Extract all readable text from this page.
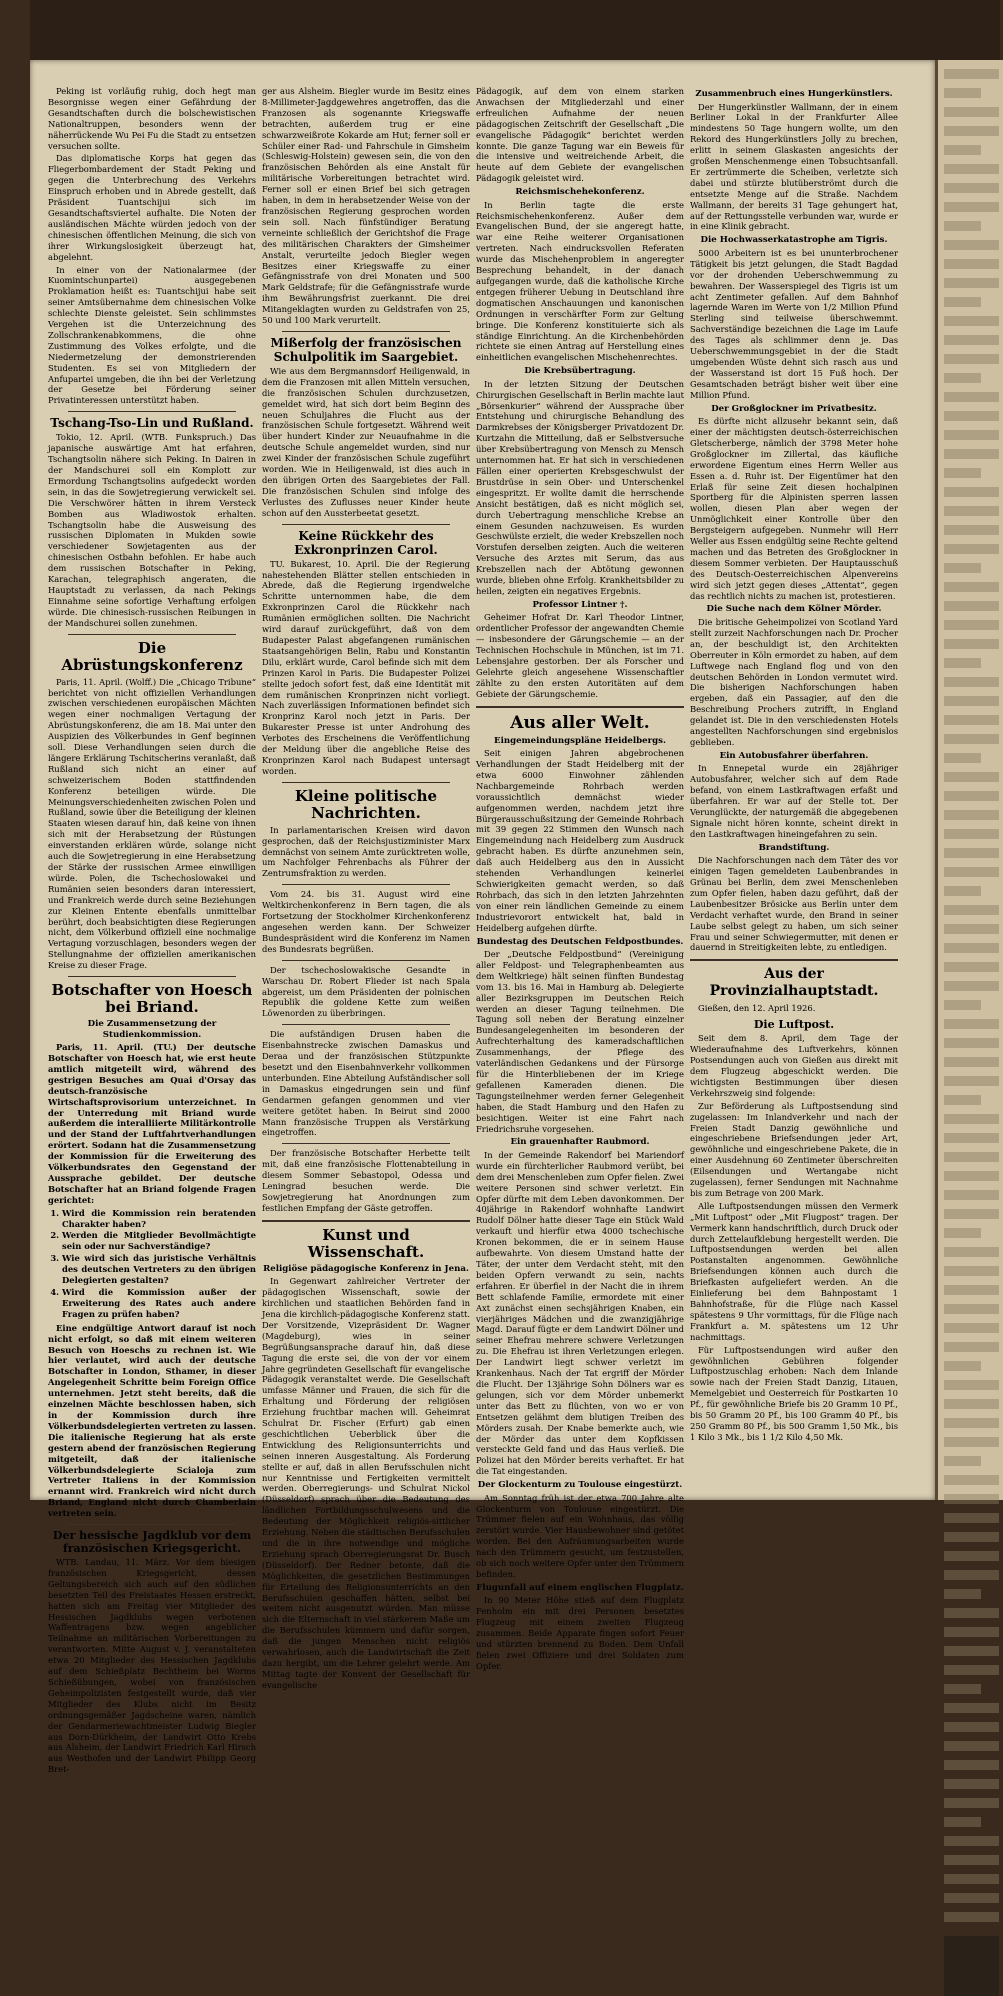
Peking ist vorläufig ruhig, doch hegt man Besorgnisse wegen einer Gefährdung der Gesandtschaften durch die bolschewistischen Nationaltruppen, besonders wenn der näherrückende Wu Pei Fu die Stadt zu entsetzen versuchen sollte.

Das diplomatische Korps hat gegen das Fliegerbombardement der Stadt Peking und gegen die Unterbrechung des Verkehrs Einspruch erhoben und in Abrede gestellt, daß Präsident Tuantschijui sich im Gesandtschaftsviertel aufhalte. Die Noten der ausländischen Mächte würden jedoch von der chinesischen öffentlichen Meinung, die sich von ihrer Wirkungslosigkeit überzeugt hat, abgelehnt.

In einer von der Nationalarmee (der Kuomintschunpartei) ausgegebenen Proklamation heißt es: Tuantschijui habe seit seiner Amtsübernahme dem chinesischen Volke schlechte Dienste geleistet. Sein schlimmstes Vergehen ist die Unterzeichnung des Zollschrankenabkommens, die ohne Zustimmung des Volkes erfolgte, und die Niedermetzelung der demonstrierenden Studenten. Es sei von Mitgliedern der Anfupartei umgeben, die ihn bei der Verletzung der Gesetze bei Förderung seiner Privatinteressen unterstützt haben.

Tschang-Tso-Lin und Rußland.

Tokio, 12. April. (WTB. Funkspruch.) Das japanische auswärtige Amt hat erfahren, Tschangtsolin nähere sich Peking. In Dairen in der Mandschurei soll ein Komplott zur Ermordung Tschangtsolins aufgedeckt worden sein, in das die Sowjetregierung verwickelt sei. Die Verschwörer hätten in ihrem Versteck Bomben aus Wladiwostok erhalten. Tschangtsolin habe die Ausweisung des russischen Diplomaten in Mukden sowie verschiedener Sowjetagenten aus der chinesischen Ostbahn befohlen. Er habe auch dem russischen Botschafter in Peking, Karachan, telegraphisch angeraten, die Hauptstadt zu verlassen, da nach Pekings Einnahme seine sofortige Verhaftung erfolgen würde. Die chinesisch-russischen Reibungen in der Mandschurei sollen zunehmen.

Die Abrüstungskonferenz

Paris, 11. April. (Wolff.) Die „Chicago Tribune“ berichtet von nicht offiziellen Verhandlungen zwischen verschiedenen europäischen Mächten wegen einer nochmaligen Vertagung der Abrüstungskonferenz, die am 18. Mai unter den Auspizien des Völkerbundes in Genf beginnen soll. Diese Verhandlungen seien durch die längere Erklärung Tschitscherins veranlaßt, daß Rußland sich nicht an einer auf schweizerischem Boden stattfindenden Konferenz beteiligen würde. Die Meinungsverschiedenheiten zwischen Polen und Rußland, sowie über die Beteiligung der kleinen Staaten wiesen darauf hin, daß keine von ihnen sich mit der Herabsetzung der Rüstungen einverstanden erklären würde, solange nicht auch die Sowjetregierung in eine Herabsetzung der Stärke der russischen Armee einwilligen würde. Polen, die Tschechoslowakei und Rumänien seien besonders daran interessiert, und Frankreich werde durch seine Beziehungen zur Kleinen Entente ebenfalls unmittelbar berührt, doch beabsichtigten diese Regierungen nicht, dem Völkerbund offiziell eine nochmalige Vertagung vorzuschlagen, besonders wegen der Stellungnahme der offiziellen amerikanischen Kreise zu dieser Frage.

Botschafter von Hoesch bei Briand.
Die Zusammensetzung der Studienkommission.

Paris, 11. April. (TU.) Der deutsche Botschafter von Hoesch hat, wie erst heute amtlich mitgeteilt wird, während des gestrigen Besuches am Quai d'Orsay das deutsch-französische Wirtschaftsprovisorium unterzeichnet. In der Unterredung mit Briand wurde außerdem die interalliierte Militärkontrolle und der Stand der Luftfahrtverhandlungen erörtert. Sodann hat die Zusammensetzung der Kommission für die Erweiterung des Völkerbundsrates den Gegenstand der Aussprache gebildet. Der deutsche Botschafter hat an Briand folgende Fragen gerichtet:

1. Wird die Kommission rein beratenden Charakter haben?
2. Werden die Mitglieder Bevollmächtigte sein oder nur Sachverständige?
3. Wie wird sich das juristische Verhältnis des deutschen Vertreters zu den übrigen Delegierten gestalten?
4. Wird die Kommission außer der Erweiterung des Rates auch andere Fragen zu prüfen haben?

Eine endgültige Antwort darauf ist noch nicht erfolgt, so daß mit einem weiteren Besuch von Hoeschs zu rechnen ist. Wie hier verlautet, wird auch der deutsche Botschafter in London, Sthamer, in dieser Angelegenheit Schritte beim Foreign Office unternehmen. Jetzt steht bereits, daß die einzelnen Mächte beschlossen haben, sich in der Kommission durch ihre Völkerbundsdelegierten vertreten zu lassen. Die italienische Regierung hat als erste gestern abend der französischen Regierung mitgeteilt, daß der italienische Völkerbundsdelegierte Scialoja zum Vertreter Italiens in der Kommission ernannt wird. Frankreich wird nicht durch Briand, England nicht durch Chamberlain vertreten sein.

Der hessische Jagdklub vor dem französischen Kriegsgericht.

WTB. Landau, 11. März. Vor dem hiesigen französischen Kriegsgericht, dessen Geltungsbereich sich auch auf den südlichen besetzten Teil des Freistaates Hessen erstreckt, hatten sich am Freitag vier Mitglieder des Hessischen Jagdklubs wegen verbotenen Waffentragens bzw. wegen angeblicher Teilnahme an militärischen Vorbereitungen zu verantworten. Mitte August v. J. veranstalteten etwa 20 Mitglieder des Hessischen Jagdklubs auf dem Schießplatz Bechtheim bei Worms Schießübungen, wobei von französischen Geheimpolizisten festgestellt wurde, daß vier Mitglieder des Klubs nicht im Besitz ordnungsgemäßer Jagdscheine waren, nämlich der Gendarmeriewachtmeister Ludwig Biegler aus Dorn-Dürkheim, der Landwirt Otto Krebs aus Alsheim, der Landwirt Friedrich Karl Hirsch aus Westhofen und der Landwirt Philipp Georg Bret-

ger aus Alsheim. Biegler wurde im Besitz eines 8-Millimeter-Jagdgewehres angetroffen, das die Franzosen als sogenannte Kriegswaffe betrachten, außerdem trug er eine schwarzweißrote Kokarde am Hut; ferner soll er Schüler einer Rad- und Fahrschule in Gimsheim (Schleswig-Holstein) gewesen sein, die von den französischen Behörden als eine Anstalt für militärische Vorbereitungen betrachtet wird. Ferner soll er einen Brief bei sich getragen haben, in dem in herabsetzender Weise von der französischen Regierung gesprochen worden sein soll. Nach fünfstündiger Beratung verneinte schließlich der Gerichtshof die Frage des militärischen Charakters der Gimsheimer Anstalt, verurteilte jedoch Biegler wegen Besitzes einer Kriegswaffe zu einer Gefängnisstrafe von drei Monaten und 500 Mark Geldstrafe; für die Gefängnisstrafe wurde ihm Bewährungsfrist zuerkannt. Die drei Mitangeklagten wurden zu Geldstrafen von 25, 50 und 100 Mark verurteilt.

Mißerfolg der französischen Schulpolitik im Saargebiet.

Wie aus dem Bergmannsdorf Heiligenwald, in dem die Franzosen mit allen Mitteln versuchen, die französischen Schulen durchzusetzen, gemeldet wird, hat sich dort beim Beginn des neuen Schuljahres die Flucht aus der französischen Schule fortgesetzt. Während weit über hundert Kinder zur Neuaufnahme in die deutsche Schule angemeldet wurden, sind nur zwei Kinder der französischen Schule zugeführt worden. Wie in Heiligenwald, ist dies auch in den übrigen Orten des Saargebietes der Fall. Die französischen Schulen sind infolge des Verlustes des Zuflusses neuer Kinder heute schon auf den Aussterbeetat gesetzt.

Keine Rückkehr des Exkronprinzen Carol.

TU. Bukarest, 10. April. Die der Regierung nahestehenden Blätter stellen entschieden in Abrede, daß die Regierung irgendwelche Schritte unternommen habe, die dem Exkronprinzen Carol die Rückkehr nach Rumänien ermöglichen sollten. Die Nachricht wird darauf zurückgeführt, daß von dem Budapester Palast abgefangenen rumänischen Staatsangehörigen Belin, Rabu und Konstantin Dilu, erklärt wurde, Carol befinde sich mit dem Prinzen Karol in Paris. Die Budapester Polizei stellte jedoch sofort fest, daß eine Identität mit dem rumänischen Kronprinzen nicht vorliegt. Nach zuverlässigen Informationen befindet sich Kronprinz Karol noch jetzt in Paris. Der Bukarester Presse ist unter Androhung des Verbotes des Erscheinens die Veröffentlichung der Meldung über die angebliche Reise des Kronprinzen Karol nach Budapest untersagt worden.

Kleine politische Nachrichten.

In parlamentarischen Kreisen wird davon gesprochen, daß der Reichsjustizminister Marx demnächst von seinem Amte zurücktreten wolle, um Nachfolger Fehrenbachs als Führer der Zentrumsfraktion zu werden.

Vom 24. bis 31. August wird eine Weltkirchenkonferenz in Bern tagen, die als Fortsetzung der Stockholmer Kirchenkonferenz angesehen werden kann. Der Schweizer Bundespräsident wird die Konferenz im Namen des Bundesrats begrüßen.

Der tschechoslowakische Gesandte in Warschau Dr. Robert Flieder ist nach Spala abgereist, um dem Präsidenten der polnischen Republik die goldene Kette zum weißen Löwenorden zu überbringen.

Die aufständigen Drusen haben die Eisenbahnstrecke zwischen Damaskus und Deraa und der französischen Stützpunkte besetzt und den Eisenbahnverkehr vollkommen unterbunden. Eine Abteilung Aufständischer soll in Damaskus eingedrungen sein und fünf Gendarmen gefangen genommen und vier weitere getötet haben. In Beirut sind 2000 Mann französische Truppen als Verstärkung eingetroffen.

Der französische Botschafter Herbette teilt mit, daß eine französische Flottenabteilung in diesem Sommer Sebastopol, Odessa und Leningrad besuchen werde. Die Sowjetregierung hat Anordnungen zum festlichen Empfang der Gäste getroffen.

Kunst und Wissenschaft.
Religiöse pädagogische Konferenz in Jena.

In Gegenwart zahlreicher Vertreter der pädagogischen Wissenschaft, sowie der kirchlichen und staatlichen Behörden fand in Jena die kirchlich-pädagogische Konferenz statt. Der Vorsitzende, Vizepräsident Dr. Wagner (Magdeburg), wies in seiner Begrüßungsansprache darauf hin, daß diese Tagung die erste sei, die von der vor einem Jahre gegründeten Gesellschaft für evangelische Pädagogik veranstaltet werde. Die Gesellschaft umfasse Männer und Frauen, die sich für die Erhaltung und Förderung der religiösen Erziehung fruchtbar machen will. Geheimrat Schulrat Dr. Fischer (Erfurt) gab einen geschichtlichen Ueberblick über die Entwicklung des Religionsunterrichts und seinen inneren Ausgestaltung. Als Forderung stellte er auf, daß in allen Berufsschulen nicht nur Kenntnisse und Fertigkeiten vermittelt werden. Oberregierungs- und Schulrat Nickol (Düsseldorf) sprach über die Bedeutung des ländlichen Fortbildungsschulwesens und die Bedeutung der Möglichkeit religiös-sittlicher Erziehung. Neben die städtischen Berufsschulen und die in ihre notwendige und mögliche Erziehung sprach Oberregierungsrat Dr. Busch (Düsseldorf). Der Redner betonte, daß die Möglichkeiten, die gesetzlichen Bestimmungen für Erteilung des Religionsunterrichts an den Berufsschulen geschaffen hätten, selbst bei weitem nicht ausgenutzt würden. Man müsse sich die Elternschaft in viel stärkerem Maße um die Berufsschulen kümmern und dafür sorgen, daß die jungen Menschen nicht religiös verwahrlosen, auch die Landwirtschaft die Zeit dazu hergibt, um die Lehrer gelehrt werde. Am Mittag tagte der Konvent der Gesellschaft für evangelische

Pädagogik, auf dem von einem starken Anwachsen der Mitgliederzahl und einer erfreulichen Aufnahme der neuen pädagogischen Zeitschrift der Gesellschaft „Die evangelische Pädagogik“ berichtet werden konnte. Die ganze Tagung war ein Beweis für die intensive und weitreichende Arbeit, die heute auf dem Gebiete der evangelischen Pädagogik geleistet wird.

Reichsmischehekonferenz.

In Berlin tagte die erste Reichsmischehenkonferenz. Außer dem Evangelischen Bund, der sie angeregt hatte, war eine Reihe weiterer Organisationen vertreten. Nach eindrucksvollen Referaten wurde das Mischehenproblem in angeregter Besprechung behandelt, in der danach aufgegangen wurde, daß die katholische Kirche entgegen früherer Uebung in Deutschland ihre dogmatischen Anschauungen und kanonischen Ordnungen in verschärfter Form zur Geltung bringe. Die Konferenz konstituierte sich als ständige Einrichtung. An die Kirchenbehörden richtete sie einen Antrag auf Herstellung eines einheitlichen evangelischen Mischehenrechtes.

Die Krebsübertragung.

In der letzten Sitzung der Deutschen Chirurgischen Gesellschaft in Berlin machte laut „Börsenkurier“ während der Aussprache über Entstehung und chirurgische Behandlung des Darmkrebses der Königsberger Privatdozent Dr. Kurtzahn die Mitteilung, daß er Selbstversuche über Krebsübertragung von Mensch zu Mensch unternommen hat. Er hat sich in verschiedenen Fällen einer operierten Krebsgeschwulst der Brustdrüse in sein Ober- und Unterschenkel eingespritzt. Er wollte damit die herrschende Ansicht bestätigen, daß es nicht möglich sei, durch Uebertragung menschliche Krebse an einem Gesunden nachzuweisen. Es wurden Geschwülste erzielt, die weder Krebszellen noch Vorstufen derselben zeigten. Auch die weiteren Versuche des Arztes mit Serum, das aus Krebszellen nach der Abtötung gewonnen wurde, blieben ohne Erfolg. Krankheitsbilder zu heilen, zeigten ein negatives Ergebnis.

Professor Lintner †.

Geheimer Hofrat Dr. Karl Theodor Lintner, ordentlicher Professor der angewandten Chemie — insbesondere der Gärungschemie — an der Technischen Hochschule in München, ist im 71. Lebensjahre gestorben. Der als Forscher und Gelehrte gleich angesehene Wissenschaftler zählte zu den ersten Autoritäten auf dem Gebiete der Gärungschemie.

Aus aller Welt.
Eingemeindungspläne Heidelbergs.

Seit einigen Jahren abgebrochenen Verhandlungen der Stadt Heidelberg mit der etwa 6000 Einwohner zählenden Nachbargemeinde Rohrbach werden voraussichtlich demnächst wieder aufgenommen werden, nachdem jetzt ihre Bürgerausschußsitzung der Gemeinde Rohrbach mit 39 gegen 22 Stimmen den Wunsch nach Eingemeindung nach Heidelberg zum Ausdruck gebracht haben. Es dürfte anzunehmen sein, daß auch Heidelberg aus den in Aussicht stehenden Verhandlungen keinerlei Schwierigkeiten gemacht werden, so daß Rohrbach, das sich in den letzten Jahrzehnten von einer rein ländlichen Gemeinde zu einem Industrievorort entwickelt hat, bald in Heidelberg aufgehen dürfte.

Bundestag des Deutschen Feldpostbundes.

Der „Deutsche Feldpostbund“ (Vereinigung aller Feldpost- und Telegraphenbeamten aus dem Weltkriege) hält seinen fünften Bundestag vom 13. bis 16. Mai in Hamburg ab. Delegierte aller Bezirksgruppen im Deutschen Reich werden an dieser Tagung teilnehmen. Die Tagung soll neben der Beratung einzelner Bundesangelegenheiten im besonderen der Aufrechterhaltung des kameradschaftlichen Zusammenhangs, der Pflege des vaterländischen Gedankens und der Fürsorge für die Hinterbliebenen der im Kriege gefallenen Kameraden dienen. Die Tagungsteilnehmer werden ferner Gelegenheit haben, die Stadt Hamburg und den Hafen zu besichtigen. Weiter ist eine Fahrt nach Friedrichsruhe vorgesehen.

Ein grauenhafter Raubmord.

In der Gemeinde Rakendorf bei Mariendorf wurde ein fürchterlicher Raubmord verübt, bei dem drei Menschenleben zum Opfer fielen. Zwei weitere Personen sind schwer verletzt. Ein Opfer dürfte mit dem Leben davonkommen. Der 40jährige in Rakendorf wohnhafte Landwirt Rudolf Dölner hatte dieser Tage ein Stück Wald verkauft und hierfür etwa 4000 tschechische Kronen bekommen, die er in seinem Hause aufbewahrte. Von diesem Umstand hatte der Täter, der unter dem Verdacht steht, mit den beiden Opfern verwandt zu sein, nachts erfahren. Er überfiel in der Nacht die in ihrem Bett schlafende Familie, ermordete mit einer Axt zunächst einen sechsjährigen Knaben, ein vierjähriges Mädchen und die zwanzigjährige Magd. Darauf fügte er dem Landwirt Dölner und seiner Ehefrau mehrere schwere Verletzungen zu. Die Ehefrau ist ihren Verletzungen erlegen. Der Landwirt liegt schwer verletzt im Krankenhaus. Nach der Tat ergriff der Mörder die Flucht. Der 13jährige Sohn Dölners war es gelungen, sich vor dem Mörder unbemerkt unter das Bett zu flüchten, von wo er von Entsetzen gelähmt dem blutigen Treiben des Mörders zusah. Der Knabe bemerkte auch, wie der Mörder das unter dem Kopfkissen versteckte Geld fand und das Haus verließ. Die Polizei hat den Mörder bereits verhaftet. Er hat die Tat eingestanden.

Der Glockenturm zu Toulouse eingestürzt.

Am Sonntag früh ist der etwa 700 Jahre alte Glockenturm von Toulouse eingestürzt. Die Trümmer fielen auf ein Wohnhaus, das völlig zerstört wurde. Vier Hausbewohner sind getötet worden. Bei den Aufräumungsarbeiten wurde nach den Trümmern gesucht, um festzustellen, ob sich noch weitere Opfer unter den Trümmern befinden.

Flugunfall auf einem englischen Flugplatz.

In 90 Meter Höhe stieß auf dem Flugplatz Fenholm ein mit drei Personen besetztes Flugzeug mit einem zweiten Flugzeug zusammen. Beide Apparate fingen sofort Feuer und stürzten brennend zu Boden. Dem Unfall fielen zwei Offiziere und drei Soldaten zum Opfer.

Zusammenbruch eines Hungerkünstlers.

Der Hungerkünstler Wallmann, der in einem Berliner Lokal in der Frankfurter Allee mindestens 50 Tage hungern wollte, um den Rekord des Hungerkünstlers Jolly zu brechen, erlitt in seinem Glaskasten angesichts der großen Menschenmenge einen Tobsuchtsanfall. Er zertrümmerte die Scheiben, verletzte sich dabei und stürzte blutüberströmt durch die entsetzte Menge auf die Straße. Nachdem Wallmann, der bereits 31 Tage gehungert hat, auf der Rettungsstelle verbunden war, wurde er in eine Klinik gebracht.

Die Hochwasserkatastrophe am Tigris.

5000 Arbeitern ist es bei ununterbrochener Tätigkeit bis jetzt gelungen, die Stadt Bagdad vor der drohenden Ueberschwemmung zu bewahren. Der Wasserspiegel des Tigris ist um acht Zentimeter gefallen. Auf dem Bahnhof lagernde Waren im Werte von 1/2 Million Pfund Sterling sind teilweise überschwemmt. Sachverständige bezeichnen die Lage im Laufe des Tages als schlimmer denn je. Das Ueberschwemmungsgebiet in der die Stadt umgebenden Wüste dehnt sich rasch aus und der Wasserstand ist dort 15 Fuß hoch. Der Gesamtschaden beträgt bisher weit über eine Million Pfund.

Der Großglockner im Privatbesitz.

Es dürfte nicht allzusehr bekannt sein, daß einer der mächtigsten deutsch-österreichischen Gletscherberge, nämlich der 3798 Meter hohe Großglockner im Zillertal, das käufliche erwordene Eigentum eines Herrn Weller aus Essen a. d. Ruhr ist. Der Eigentümer hat den Erlaß für seine Zeit diesen hochalpinen Sportberg für die Alpinisten sperren lassen wollen, diesen Plan aber wegen der Unmöglichkeit einer Kontrolle über den Bergsteigern aufgegeben. Nunmehr will Herr Weller aus Essen endgültig seine Rechte geltend machen und das Betreten des Großglockner in diesem Sommer verbieten. Der Hauptausschuß des Deutsch-Oesterreichischen Alpenvereins wird sich jetzt gegen dieses „Attentat“, gegen das rechtlich nichts zu machen ist, protestieren.

Die Suche nach dem Kölner Mörder.

Die britische Geheimpolizei von Scotland Yard stellt zurzeit Nachforschungen nach Dr. Procher an, der beschuldigt ist, den Architekten Oberreuter in Köln ermordet zu haben, auf dem Luftwege nach England flog und von den deutschen Behörden in London vermutet wird. Die bisherigen Nachforschungen haben ergeben, daß ein Passagier, auf den die Beschreibung Prochers zutrifft, in England gelandet ist. Die in den verschiedensten Hotels angestellten Nachforschungen sind ergebnislos geblieben.

Ein Autobusfahrer überfahren.

In Ennepetal wurde ein 28jähriger Autobusfahrer, welcher sich auf dem Rade befand, von einem Lastkraftwagen erfaßt und überfahren. Er war auf der Stelle tot. Der Verunglückte, der naturgemäß die abgegebenen Signale nicht hören konnte, scheint direkt in den Lastkraftwagen hineingefahren zu sein.

Brandstiftung.

Die Nachforschungen nach dem Täter des vor einigen Tagen gemeldeten Laubenbrandes in Grünau bei Berlin, dem zwei Menschenleben zum Opfer fielen, haben dazu geführt, daß der Laubenbesitzer Brösicke aus Berlin unter dem Verdacht verhaftet wurde, den Brand in seiner Laube selbst gelegt zu haben, um sich seiner Frau und seiner Schwiegermutter, mit denen er dauernd in Streitigkeiten lebte, zu entledigen.

Aus der Provinzialhauptstadt.

Gießen, den 12. April 1926.

Die Luftpost.

Seit dem 8. April, dem Tage der Wiederaufnahme des Luftverkehrs, können Postsendungen auch von Gießen aus direkt mit dem Flugzeug abgeschickt werden. Die wichtigsten Bestimmungen über diesen Verkehrszweig sind folgende:

Zur Beförderung als Luftpostsendung sind zugelassen: Im Inlandverkehr und nach der Freien Stadt Danzig gewöhnliche und eingeschriebene Briefsendungen jeder Art, gewöhnliche und eingeschriebene Pakete, die in einer Ausdehnung 60 Zentimeter überschreiten (Eilsendungen und Wertangabe nicht zugelassen), ferner Sendungen mit Nachnahme bis zum Betrage von 200 Mark.

Alle Luftpostsendungen müssen den Vermerk „Mit Luftpost“ oder „Mit Flugpost“ tragen. Der Vermerk kann handschriftlich, durch Druck oder durch Zettelaufklebung hergestellt werden. Die Luftpostsendungen werden bei allen Postanstalten angenommen. Gewöhnliche Briefsendungen können auch durch die Briefkasten aufgeliefert werden. An die Einlieferung bei dem Bahnpostamt 1 Bahnhofstraße, für die Flüge nach Kassel spätestens 9 Uhr vormittags, für die Flüge nach Frankfurt a. M. spätestens um 12 Uhr nachmittags.

Für Luftpostsendungen wird außer den gewöhnlichen Gebühren folgender Luftpostzuschlag erhoben: Nach dem Inlande sowie nach der Freien Stadt Danzig, Litauen, Memelgebiet und Oesterreich für Postkarten 10 Pf., für gewöhnliche Briefe bis 20 Gramm 10 Pf., bis 50 Gramm 20 Pf., bis 100 Gramm 40 Pf., bis 250 Gramm 80 Pf., bis 500 Gramm 1,50 Mk., bis 1 Kilo 3 Mk., bis 1 1/2 Kilo 4,50 Mk.
